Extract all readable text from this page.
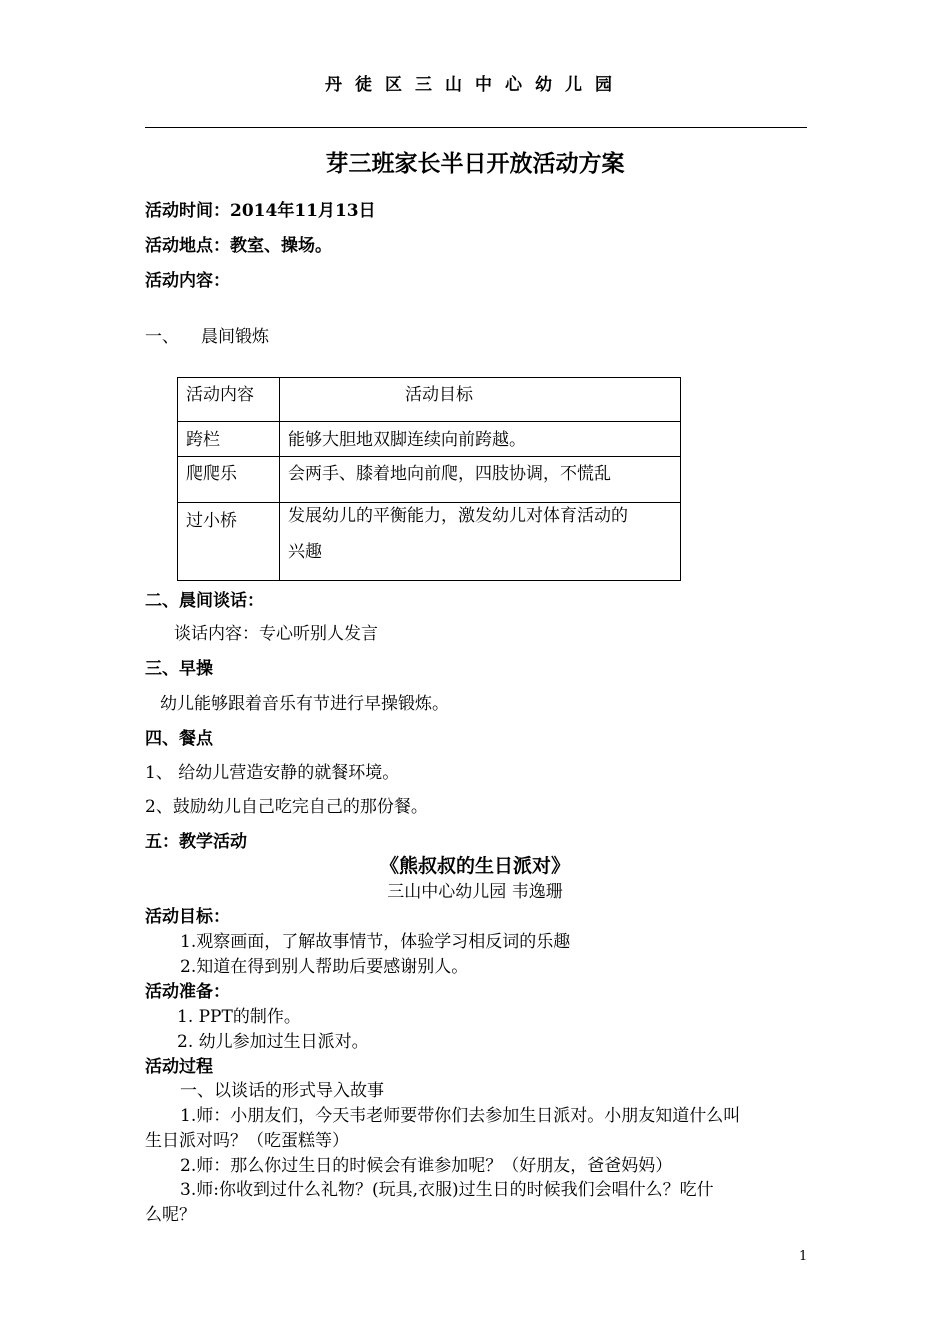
丹徒区三山中心幼儿园
芽三班家长半日开放活动方案
活动时间：2014年11月13日
活动地点：教室、操场。
活动内容：
一、 晨间锻炼
活动内容	活动目标
跨栏	能够大胆地双脚连续向前跨越。
爬爬乐	会两手、膝着地向前爬，四肢协调，不慌乱
过小桥	发展幼儿的平衡能力，激发幼儿对体育活动的
兴趣
二、晨间谈话：
谈话内容：专心听别人发言
三、早操
幼儿能够跟着音乐有节进行早操锻炼。
四、餐点
1、 给幼儿营造安静的就餐环境。
2、鼓励幼儿自己吃完自己的那份餐。
五：教学活动
《熊叔叔的生日派对》
三山中心幼儿园 韦逸珊
活动目标：
1.观察画面，了解故事情节，体验学习相反词的乐趣
2.知道在得到别人帮助后要感谢别人。
活动准备：
1. PPT的制作。
2. 幼儿参加过生日派对。
活动过程
一、以谈话的形式导入故事
1.师：小朋友们，今天韦老师要带你们去参加生日派对。小朋友知道什么叫
生日派对吗？（吃蛋糕等）
2.师：那么你过生日的时候会有谁参加呢？（好朋友，爸爸妈妈）
3.师:你收到过什么礼物？(玩具,衣服)过生日的时候我们会唱什么？吃什
么呢？
1
